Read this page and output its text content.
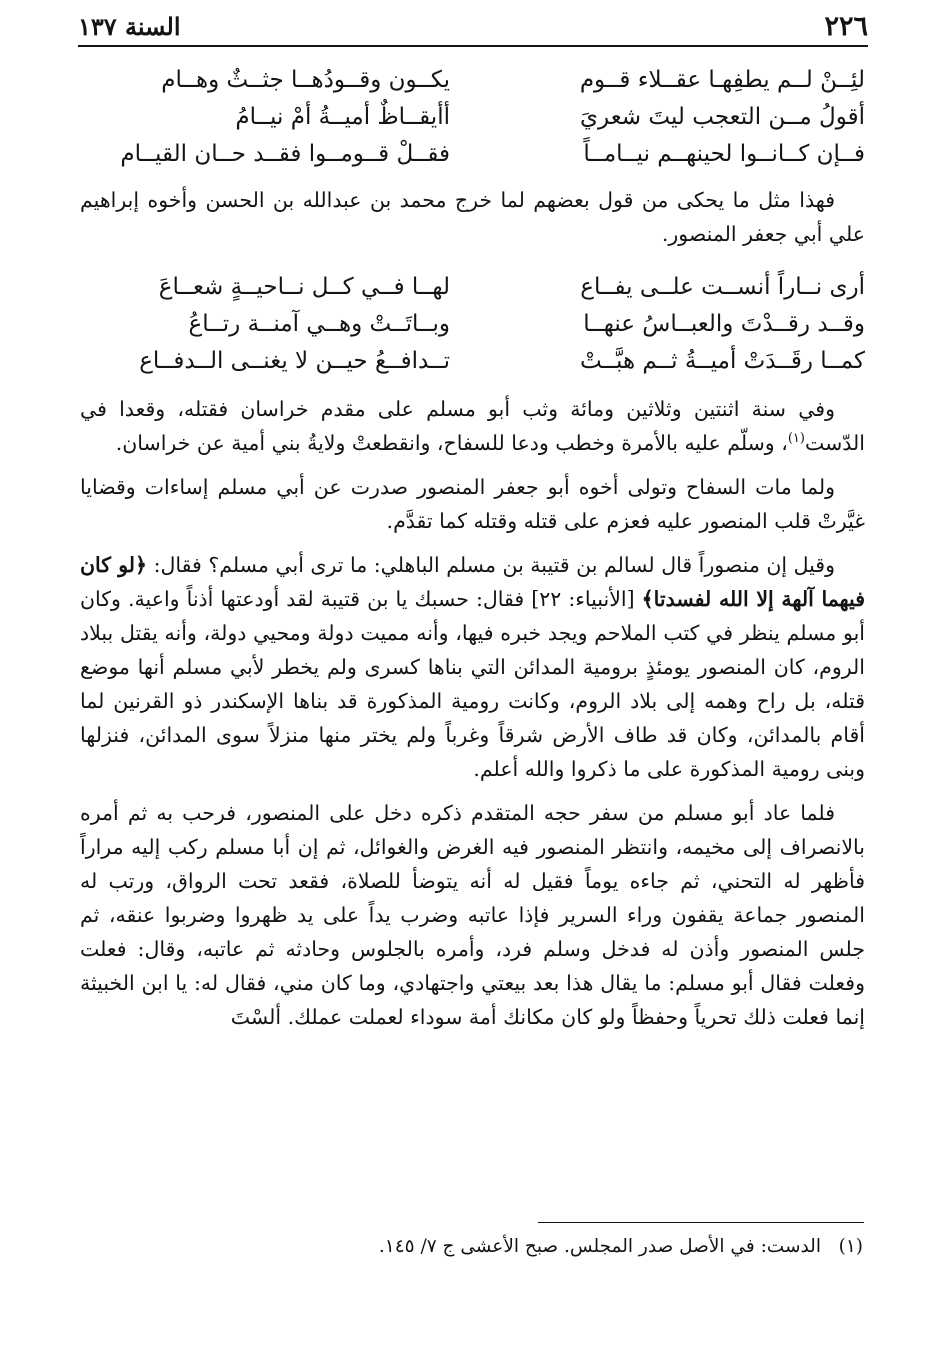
٢٢٦
السنة ١٣٧
يكــون وقــودُهــا جثــثٌ وهــام	لئِــنْ لــم يطفِهـا عقــلاء قــوم
أأيقــاظٌ أميــةُ أمْ نيــامُ	أقولُ مــن التعجب ليتَ شعريَ
فقــلْ قــومــوا فقــد حــان القيــام	فــإن كــانــوا لحينهــم نيــامــاً

فهذا مثل ما يحكى من قول بعضهم لما خرج محمد بن عبدالله بن الحسن وأخوه إبراهيم علي أبي جعفر المنصور.

لهــا فــي كــل نــاحيــةٍ شعــاعَ	أرى نــاراً أنســت علــى يفــاع
وبــاتَــتْ وهــي آمنــة رتــاعُ	وقــد رقــدْتَ والعبــاسُ عنهــا
تــدافــعُ حيــن لا يغنــى الــدفــاع	كمــا رقَــدَتْ أميــةُ ثــم هبَّــتْ

وفي سنة اثنتين وثلاثين ومائة وثب أبو مسلم على مقدم خراسان فقتله، وقعدا في الدّست$^{(١)}$، وسلّم عليه بالأمرة وخطب ودعا للسفاح، وانقطعتْ ولايةُ بني أمية عن خراسان.

ولما مات السفاح وتولى أخوه أبو جعفر المنصور صدرت عن أبي مسلم إساءات وقضايا غيَّرتْ قلب المنصور عليه فعزم على قتله وقتله كما تقدَّم.

وقيل إن منصوراً قال لسالم بن قتيبة بن مسلم الباهلي: ما ترى أبي مسلم؟ فقال: ﴿لو كان فيهما آلهة إلا الله لفسدتا﴾ [الأنبياء: ٢٢] فقال: حسبك يا بن قتيبة لقد أودعتها أذناً واعية. وكان أبو مسلم ينظر في كتب الملاحم ويجد خبره فيها، وأنه مميت دولة ومحيي دولة، وأنه يقتل ببلاد الروم، كان المنصور يومئذٍ برومية المدائن التي بناها كسرى ولم يخطر لأبي مسلم أنها موضع قتله، بل راح وهمه إلى بلاد الروم، وكانت رومية المذكورة قد بناها الإسكندر ذو القرنين لما أقام بالمدائن، وكان قد طاف الأرض شرقاً وغرباً ولم يختر منها منزلاً سوى المدائن، فنزلها وبنى رومية المذكورة على ما ذكروا والله أعلم.

فلما عاد أبو مسلم من سفر حجه المتقدم ذكره دخل على المنصور، فرحب به ثم أمره بالانصراف إلى مخيمه، وانتظر المنصور فيه الغرض والغوائل، ثم إن أبا مسلم ركب إليه مراراً فأظهر له التحني، ثم جاءه يوماً فقيل له أنه يتوضأ للصلاة، فقعد تحت الرواق، ورتب له المنصور جماعة يقفون وراء السرير فإذا عاتبه وضرب يداً على يد ظهروا وضربوا عنقه، ثم جلس المنصور وأذن له فدخل وسلم فرد، وأمره بالجلوس وحادثه ثم عاتبه، وقال: فعلت وفعلت فقال أبو مسلم: ما يقال هذا بعد بيعتي واجتهادي، وما كان مني، فقال له: يا ابن الخبيثة إنما فعلت ذلك تحرياً وحفظاً ولو كان مكانك أمة سوداء لعملت عملك. ألسْتَ

(١)   الدست: في الأصل صدر المجلس. صبح الأعشى ج ٧/ ١٤٥.
